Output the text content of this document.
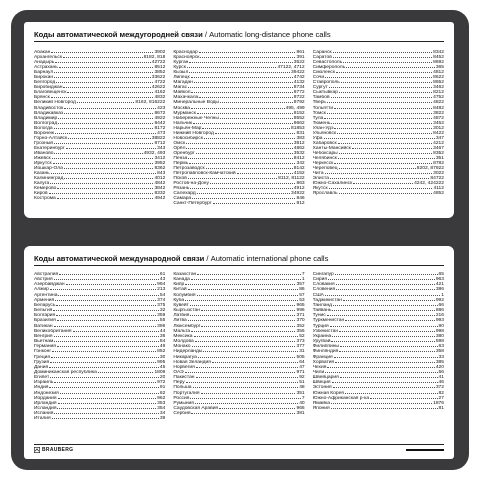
Коды автоматической междугородней связи / Automatic long-distance phone calls
Абакан	3902
Архангельск	8182, 818
Анадырь	42722
Астрахань	8512
Барнаул	3852
Бирокан	33622
Белгород	4722
Биробиджан	42622
Благовещенск	4162
Брянск	4832
Великий Новгород	8162, 816222
Владивосток	423
Владикавказ	8672
Владимир	4922
Волгоград	8442
Вологда	8172
Воронеж	473
Горно-Алтайск	38822
Грозный	8712
Екатеринбург	343
Иваново	4932, 493
Ижевск	3412
Иркутск	3952
Йошкар-Ола	8362
Казань	843
Калининград	4012
Калуга	4842
Кемерово	3842
Киров	8332
Кострома	4942
Краснодар	861
Красноярск	391
Курган	3522
Курск	47122, 4712
Кызыл	39422
Липецк	4742
Магадан	4132
Магас	8734
Майкоп	8772
Махачкала	8722
Минеральные Воды	8792
Москва	495, 499
Мурманск	8152
Набережные Челны	8552
Нальчик	8662
Нарьян-Мар	81853
Нижний Новгород	831
Новосибирск	383
Омск	3812
Орёл	4862
Оренбург	3532
Пенза	8412
Пермь	342
Петрозаводск	8142
Петропавловск-Камчатский	4152
Псков	8112, 81122
Ростов-на-Дону	863
Рязань	4912
Салехард	34922
Самара	846
Санкт-Петербург	812
Саранск	8342
Саратов	8452
Севастополь	8692
Симферополь	365
Смоленск	4812
Сочи	8622
Ставрополь	8652
Сургут	3462
Сыктывкар	8212
Тамбов	4752
Тверь	4822
Тольятти	8482
Томск	3822
Тула	4872
Тюмень	3452
Улан-Удэ	3012
Ульяновск	8422
Уфа	347
Хабаровск	4212
Ханты-Мансийск	3467
Чебоксары	8352
Челябинск	351
Черкесск	8782
Череповец	8202, 87922
Чита	3022
Элиста	84722
Южно-Сахалинск	4242, 424222
Якутск	4112
Ярославль	4852
Коды автоматической международной связи / Automatic international phone calls
Австралия	61
Австрия	43
Азербайджан	994
Алжир	213
Аргентина	54
Армения	374
Беларусь	375
Бельгия	32
Болгария	359
Бразилия	55
Ватикан	396
Великобритания	44
Венгрия	36
Вьетнам	84
Германия	49
Гонконг	852
Греция	30
Грузия	995
Дания	45
Доминиканская республика	1809
Египет	20
Израиль	972
Индия	91
Индонезия	62
Иордания	962
Ирландия	353
Исландия	354
Испания	34
Италия	39
Казахстан	7
Канада	1
Кипр	357
Китай	86
Колумбия	57
Куба	53
Кувейт	965
Кыргызстан	996
Латвия	371
Литва	370
Люксембург	352
Мальта	356
Мексика	52
Молдова	373
Монако	377
Нидерланды	31
Никарагуа	505
Новая Зеландия	64
Норвегия	47
ОАЭ	971
Пакистан	92
Перу	51
Польша	48
Португалия	351
Россия	7
Румыния	40
Саудовская Аравия	966
Сербия	381
Сингапур	65
Сирия	963
Словакия	421
Словения	386
США	1
Таджикистан	992
Таиланд	66
Тайвань	886
Тунис	216
Туркменистан	993
Турция	90
Узбекистан	998
Украина	380
Уругвай	598
Филиппины	63
Финляндия	358
Франция	33
Хорватия	385
Чехия	420
Чили	56
Швейцария	41
Швеция	46
Эстония	372
Южная Корея	82
Южно-Африканская р-ка	27
Ямайка	1876
Япония	81
BRAUBERG
